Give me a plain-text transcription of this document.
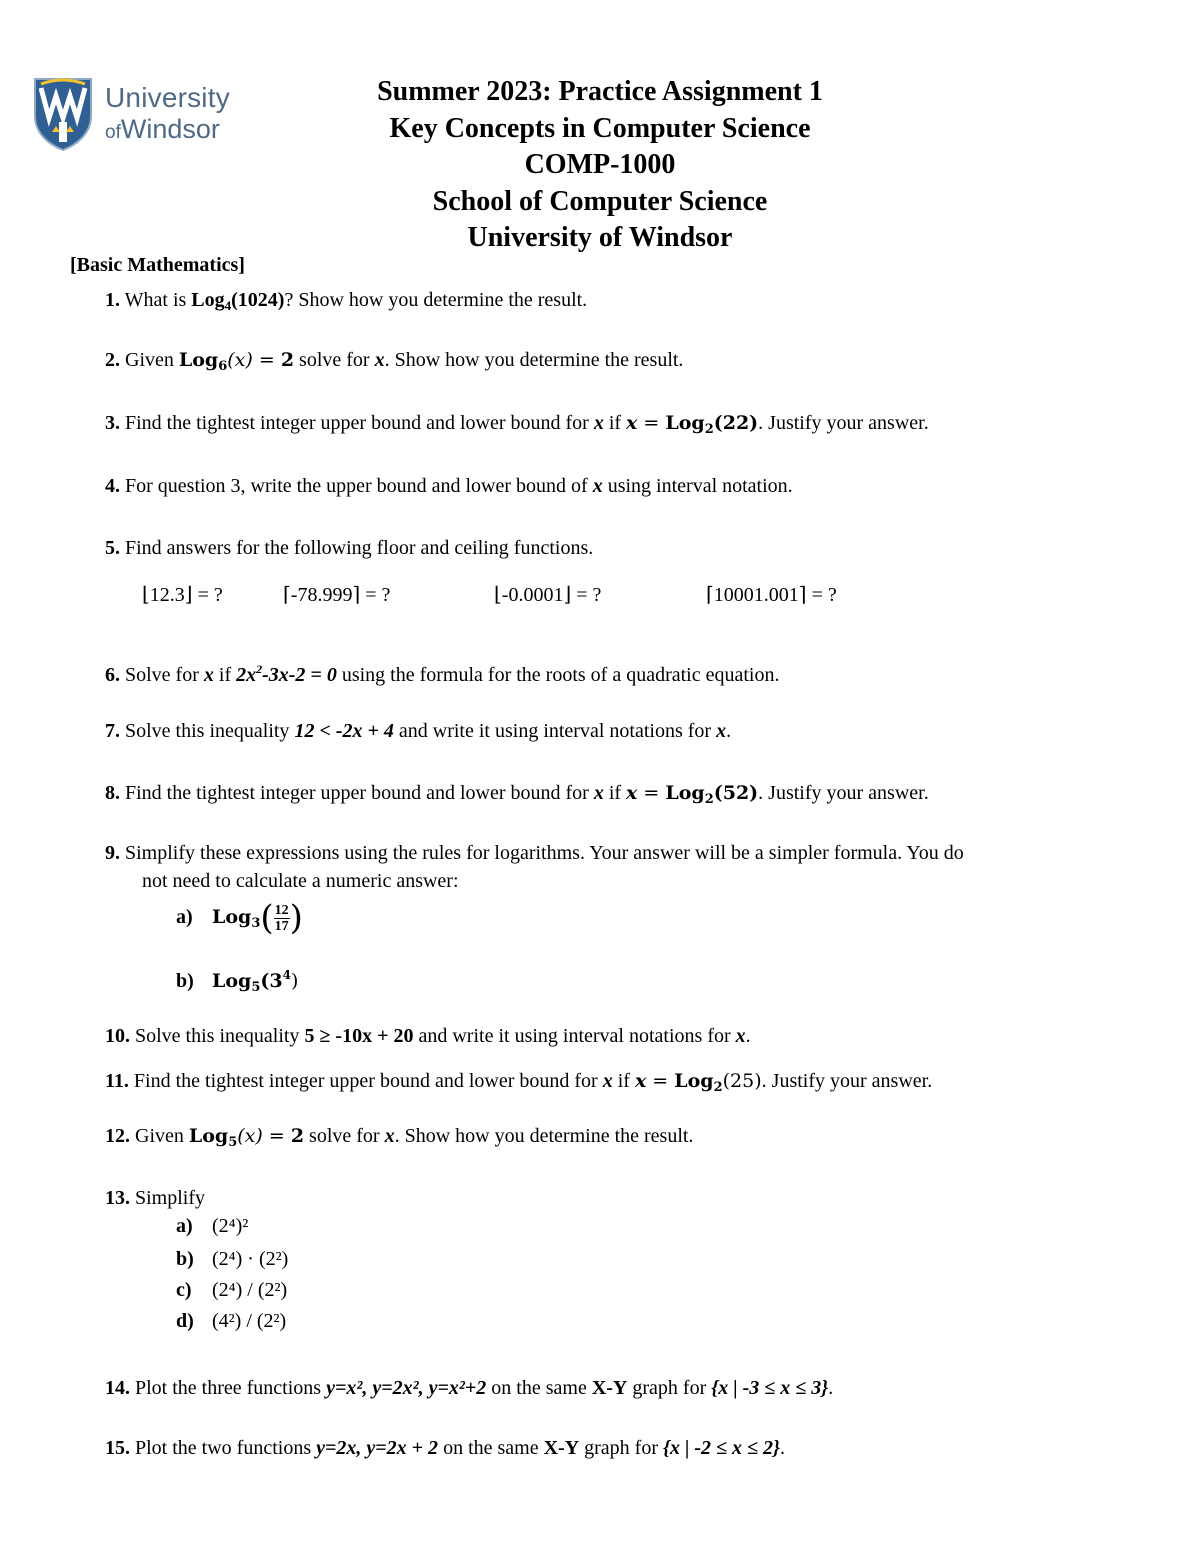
University
ofWindsor
Summer 2023: Practice Assignment 1
Key Concepts in Computer Science
COMP-1000
School of Computer Science
University of Windsor
[Basic Mathematics]
1. What is Log$_4$(1024)? Show how you determine the result.
2. Given Log$_6$(x) = 2 solve for x. Show how you determine the result.
3. Find the tightest integer upper bound and lower bound for x if x = Log$_2$(22). Justify your answer.
4. For question 3, write the upper bound and lower bound of x using interval notation.
5. Find answers for the following floor and ceiling functions.
⌊12.3⌋ = ?	⌈-78.999⌉ = ?	⌊-0.0001⌋ = ?	⌈10001.001⌉ = ?
6. Solve for x if $2x^2-3x-2 = 0$ using the formula for the roots of a quadratic equation.
7. Solve this inequality 12 < -2x + 4 and write it using interval notations for x.
8. Find the tightest integer upper bound and lower bound for x if x = Log$_2$(52). Justify your answer.
9. Simplify these expressions using the rules for logarithms. Your answer will be a simpler formula. You do
not need to calculate a numeric answer:
a) $Log_3( \frac{12}{17}$ )
b) $Log_5(3^4)$
10. Solve this inequality 5 ≥ -10x + 20 and write it using interval notations for x.
11. Find the tightest integer upper bound and lower bound for x if x = Log$_2$(25). Justify your answer.
12. Given Log$_5$(x) = 2 solve for x. Show how you determine the result.
13. Simplify
a) (2⁴)²
b) (2⁴) · (2²)
c) (2⁴) / (2²)
d) (4²) / (2²)
14. Plot the three functions y=x², y=2x², y=x²+2 on the same X-Y graph for {x | -3 ≤ x ≤ 3}.
15. Plot the two functions y=2x, y=2x + 2 on the same X-Y graph for {x | -2 ≤ x ≤ 2}.
